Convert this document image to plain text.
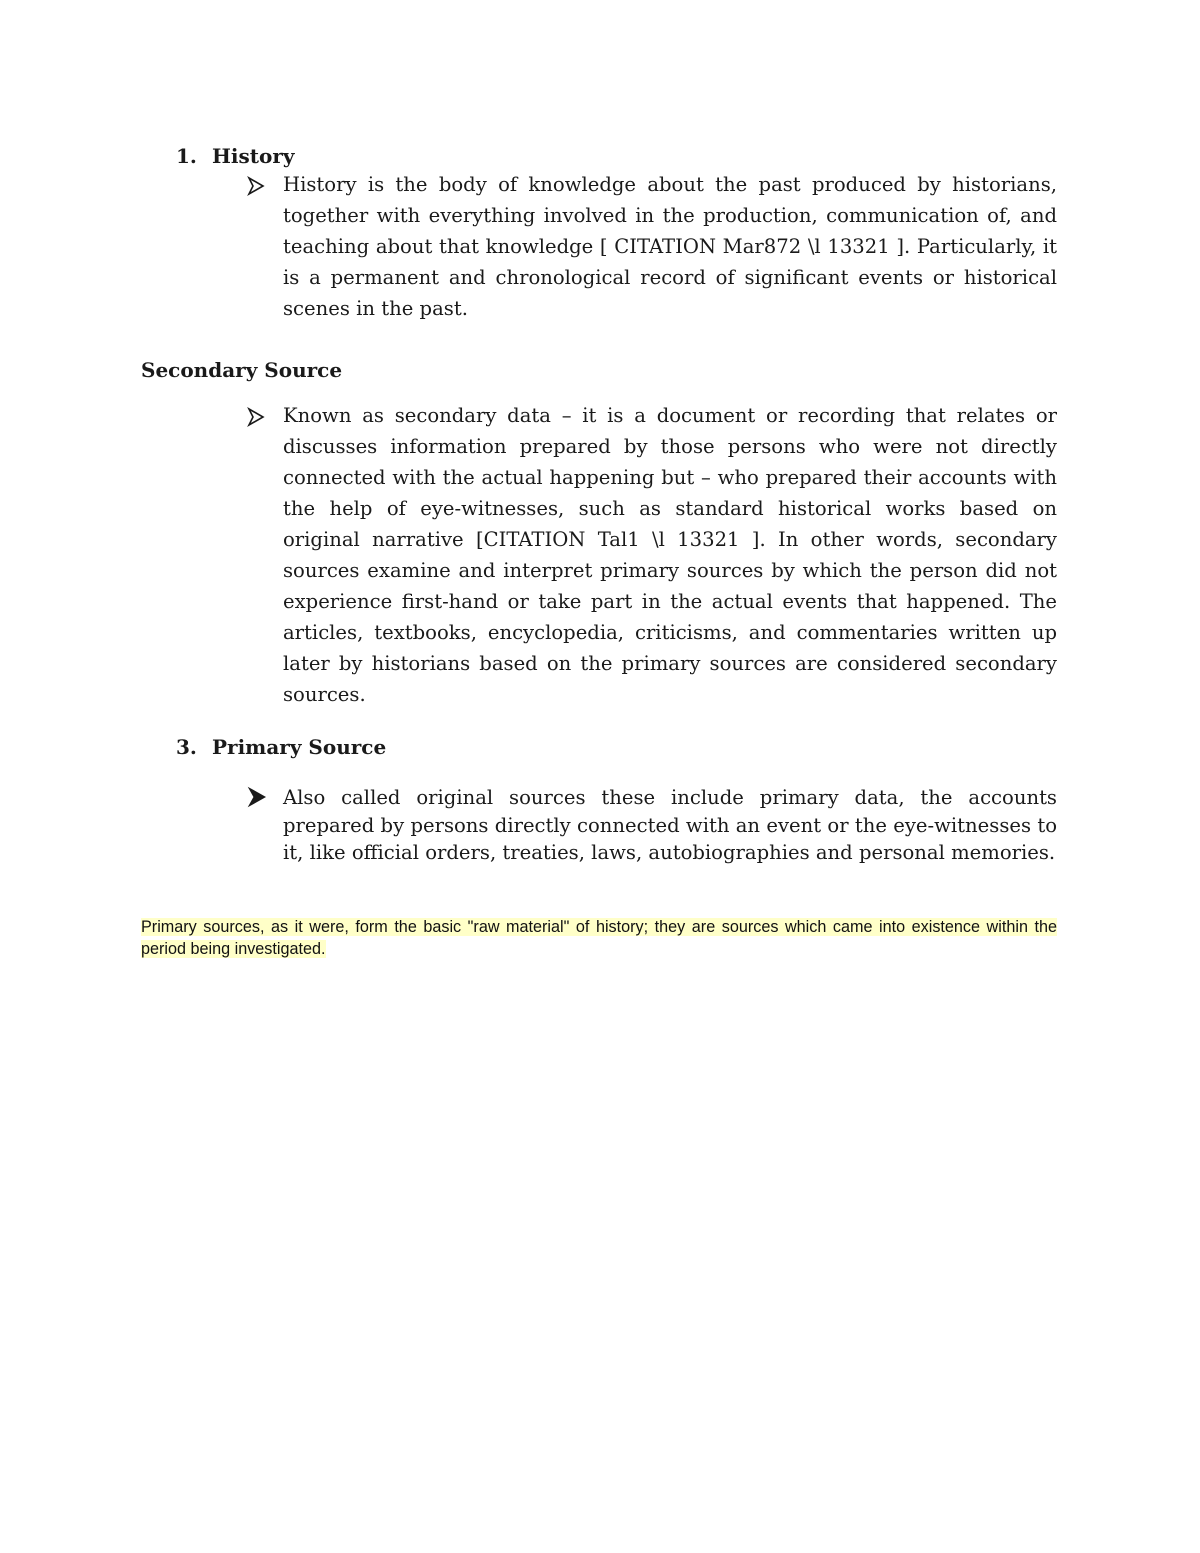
1. History

History is the body of knowledge about the past produced by historians, together with everything involved in the production, communication of, and teaching about that knowledge [ CITATION Mar872 \l 13321 ]. Particularly, it is a permanent and chronological record of significant events or historical scenes in the past.

Secondary Source

Known as secondary data – it is a document or recording that relates or discusses information prepared by those persons who were not directly connected with the actual happening but – who prepared their accounts with the help of eye-witnesses, such as standard historical works based on original narrative [CITATION Tal1 \l 13321 ]. In other words, secondary sources examine and interpret primary sources by which the person did not experience first-hand or take part in the actual events that happened. The articles, textbooks, encyclopedia, criticisms, and commentaries written up later by historians based on the primary sources are considered secondary sources.

3. Primary Source

Also called original sources these include primary data, the accounts prepared by persons directly connected with an event or the eye-witnesses to it, like official orders, treaties, laws, autobiographies and personal memories.

Primary sources, as it were, form the basic "raw material" of history; they are sources which came into existence within the period being investigated.
